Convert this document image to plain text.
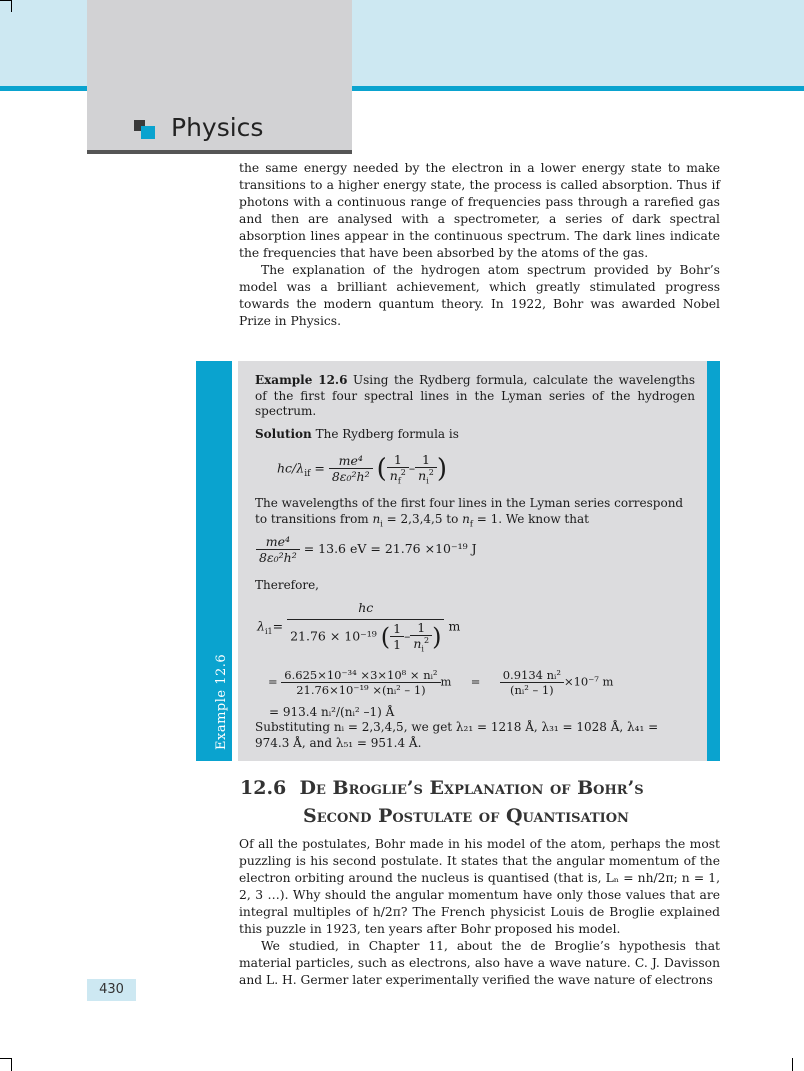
Physics

the same energy needed by the electron in a lower energy state to make transitions to a higher energy state, the process is called absorption. Thus if photons with a continuous range of frequencies pass through a rarefied gas and then are analysed with a spectrometer, a series of dark spectral absorption lines appear in the continuous spectrum. The dark lines indicate the frequencies that have been absorbed by the atoms of the gas.

The explanation of the hydrogen atom spectrum provided by Bohr’s model was a brilliant achievement, which greatly stimulated progress towards the modern quantum theory. In 1922, Bohr was awarded Nobel Prize in Physics.

Example 12.6
Example 12.6 Using the Rydberg formula, calculate the wavelengths of the first four spectral lines in the Lyman series of the hydrogen spectrum.
Solution The Rydberg formula is
$hc/\lambda_{if} = \frac{\text{me⁴}}{\text{8ε₀²h²}}$ ( $\frac{1}{n_f^2} - \frac{1}{n_i^2}$ )
The wavelengths of the first four lines in the Lyman series correspond to transitions from $n_i = 2,3,4,5$ to $n_f = 1$. We know that
$\frac{\text{me⁴}}{\text{8ε₀²h²}} = 13.6$ eV = 21.76 ×10⁻¹⁹ J
Therefore,
$\lambda_{i1}= \frac{hc}{21.76 \times 10^{-19} ( \frac{1}{1} - \frac{1}{n_i^2} )}$ m
= $\frac{\text{6.625×10⁻³⁴ ×3×10⁸ × nᵢ²}}{\text{21.76×10⁻¹⁹ ×(nᵢ² – 1)}}$ $m = \frac{\text{0.9134 nᵢ²}}{\text{(nᵢ² – 1)}} \times 10^{-7}$ m
= 913.4 nᵢ²/(nᵢ² –1) Å
Substituting nᵢ = 2,3,4,5, we get λ₂₁ = 1218 Å, λ₃₁ = 1028 Å, λ₄₁ = 974.3 Å, and λ₅₁ = 951.4 Å.
12.6 De Broglie’s Explanation of Bohr’s
Second Postulate of Quantisation

Of all the postulates, Bohr made in his model of the atom, perhaps the most puzzling is his second postulate. It states that the angular momentum of the electron orbiting around the nucleus is quantised (that is, Lₙ = nh/2π; n = 1, 2, 3 …). Why should the angular momentum have only those values that are integral multiples of h/2π? The French physicist Louis de Broglie explained this puzzle in 1923, ten years after Bohr proposed his model.

We studied, in Chapter 11, about the de Broglie’s hypothesis that material particles, such as electrons, also have a wave nature. C. J. Davisson and L. H. Germer later experimentally verified the wave nature of electrons

430
